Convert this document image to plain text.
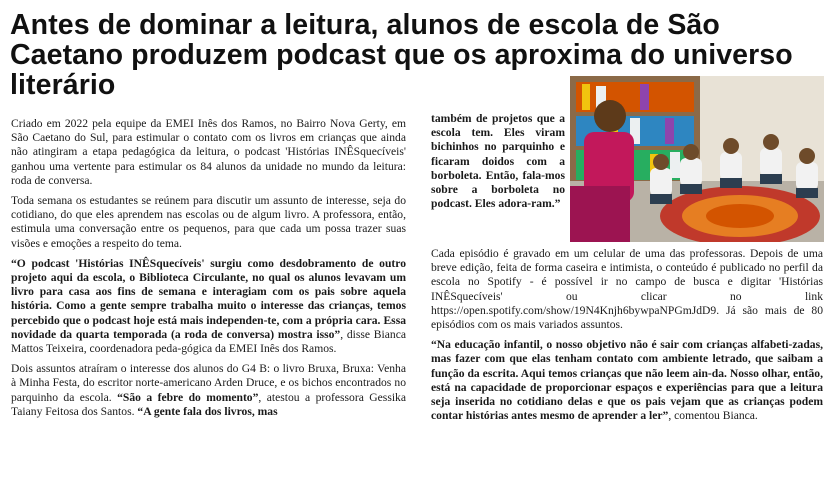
Antes de dominar a leitura, alunos de escola de São Caetano produzem podcast que os aproxima do universo literário

Criado em 2022 pela equipe da EMEI Inês dos Ramos, no Bairro Nova Gerty, em São Caetano do Sul, para estimular o contato com os livros em crianças que ainda não atingiram a etapa pedagógica da leitura, o podcast 'Histórias INÊSquecíveis' ganhou uma vertente para estimular os 84 alunos da unidade no mundo da leitura: roda de conversa.

Toda semana os estudantes se reúnem para discutir um assunto de interesse, seja do cotidiano, do que eles aprendem nas escolas ou de algum livro. A professora, então, estimula uma conversação entre os pequenos, para que cada um possa trazer suas visões e emoções a respeito do tema.

“O podcast 'Histórias INÊSquecíveis' surgiu como desdobramento de outro projeto aqui da escola, o Biblioteca Circulante, no qual os alunos levavam um livro para casa aos fins de semana e interagiam com os pais sobre aquela história. Como a gente sempre trabalha muito o interesse das crianças, temos percebido que o podcast hoje está mais independen-te, com a própria cara. Essa novidade da quarta temporada (a roda de conversa) mostra isso”, disse Bianca Mattos Teixeira, coordenadora peda-gógica da EMEI Inês dos Ramos.

Dois assuntos atraíram o interesse dos alunos do G4 B: o livro Bruxa, Bruxa: Venha à Minha Festa, do escritor norte-americano Arden Druce, e os bichos encontrados no parquinho da escola. “São a febre do momento”, atestou a professora Gessika Taiany Feitosa dos Santos. “A gente fala dos livros, mas

também de projetos que a escola tem. Eles viram bichinhos no parquinho e ficaram doidos com a borboleta. Então, fala-mos sobre a borboleta no podcast. Eles adora-ram.”

Cada episódio é gravado em um celular de uma das professoras. Depois de uma breve edição, feita de forma caseira e intimista, o conteúdo é publicado no perfil da escola no Spotify - é possível ir no campo de busca e digitar 'Histórias INÊSquecíveis' ou clicar no link https://open.spotify.com/show/19N4Knjh6bywpaNPGmJdD9. Já são mais de 80 episódios com os mais variados assuntos.

“Na educação infantil, o nosso objetivo não é sair com crianças alfabeti-zadas, mas fazer com que elas tenham contato com ambiente letrado, que saibam a função da escrita. Aqui temos crianças que não leem ain-da. Nosso olhar, então, está na capacidade de proporcionar espaços e experiências para que a leitura seja inserida no cotidiano delas e que os pais vejam que as crianças podem contar histórias antes mesmo de aprender a ler”, comentou Bianca.
